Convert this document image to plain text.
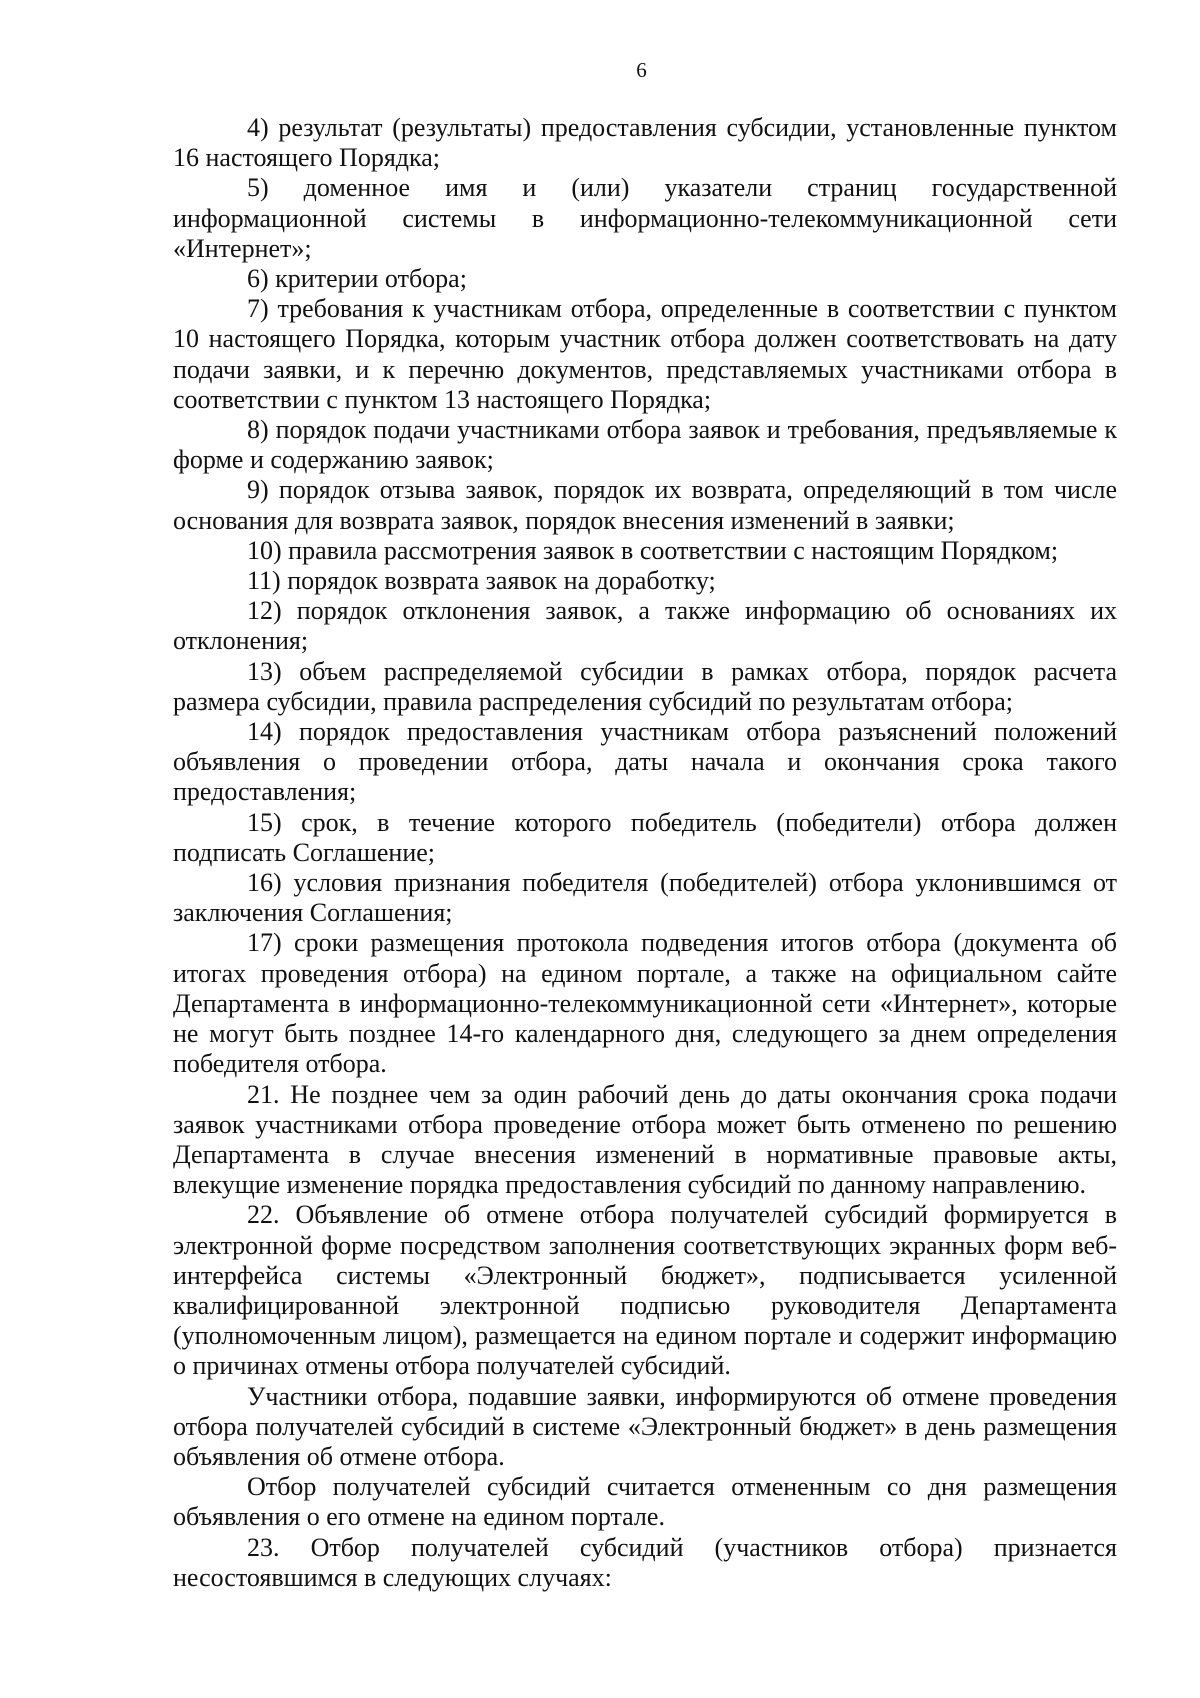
6

4) результат (результаты) предоставления субсидии, установленные пунктом 16 настоящего Порядка;

5) доменное имя и (или) указатели страниц государственной информационной системы в информационно-телекоммуникационной сети «Интернет»;

6) критерии отбора;

7) требования к участникам отбора, определенные в соответствии с пунктом 10 настоящего Порядка, которым участник отбора должен соответствовать на дату подачи заявки, и к перечню документов, представляемых участниками отбора в соответствии с пунктом 13 настоящего Порядка;

8) порядок подачи участниками отбора заявок и требования, предъявляемые к форме и содержанию заявок;

9) порядок отзыва заявок, порядок их возврата, определяющий в том числе основания для возврата заявок, порядок внесения изменений в заявки;

10) правила рассмотрения заявок в соответствии с настоящим Порядком;

11) порядок возврата заявок на доработку;

12) порядок отклонения заявок, а также информацию об основаниях их отклонения;

13) объем распределяемой субсидии в рамках отбора, порядок расчета размера субсидии, правила распределения субсидий по результатам отбора;

14) порядок предоставления участникам отбора разъяснений положений объявления о проведении отбора, даты начала и окончания срока такого предоставления;

15) срок, в течение которого победитель (победители) отбора должен подписать Соглашение;

16) условия признания победителя (победителей) отбора уклонившимся от заключения Соглашения;

17) сроки размещения протокола подведения итогов отбора (документа об итогах проведения отбора) на едином портале, а также на официальном сайте Департамента в информационно-телекоммуникационной сети «Интернет», которые не могут быть позднее 14-го календарного дня, следующего за днем определения победителя отбора.

21. Не позднее чем за один рабочий день до даты окончания срока подачи заявок участниками отбора проведение отбора может быть отменено по решению Департамента в случае внесения изменений в нормативные правовые акты, влекущие изменение порядка предоставления субсидий по данному направлению.

22. Объявление об отмене отбора получателей субсидий формируется в электронной форме посредством заполнения соответствующих экранных форм веб-интерфейса системы «Электронный бюджет», подписывается усиленной квалифицированной электронной подписью руководителя Департамента (уполномоченным лицом), размещается на едином портале и содержит информацию о причинах отмены отбора получателей субсидий.

Участники отбора, подавшие заявки, информируются об отмене проведения отбора получателей субсидий в системе «Электронный бюджет» в день размещения объявления об отмене отбора.

Отбор получателей субсидий считается отмененным со дня размещения объявления о его отмене на едином портале.

23. Отбор получателей субсидий (участников отбора) признается несостоявшимся в следующих случаях:
